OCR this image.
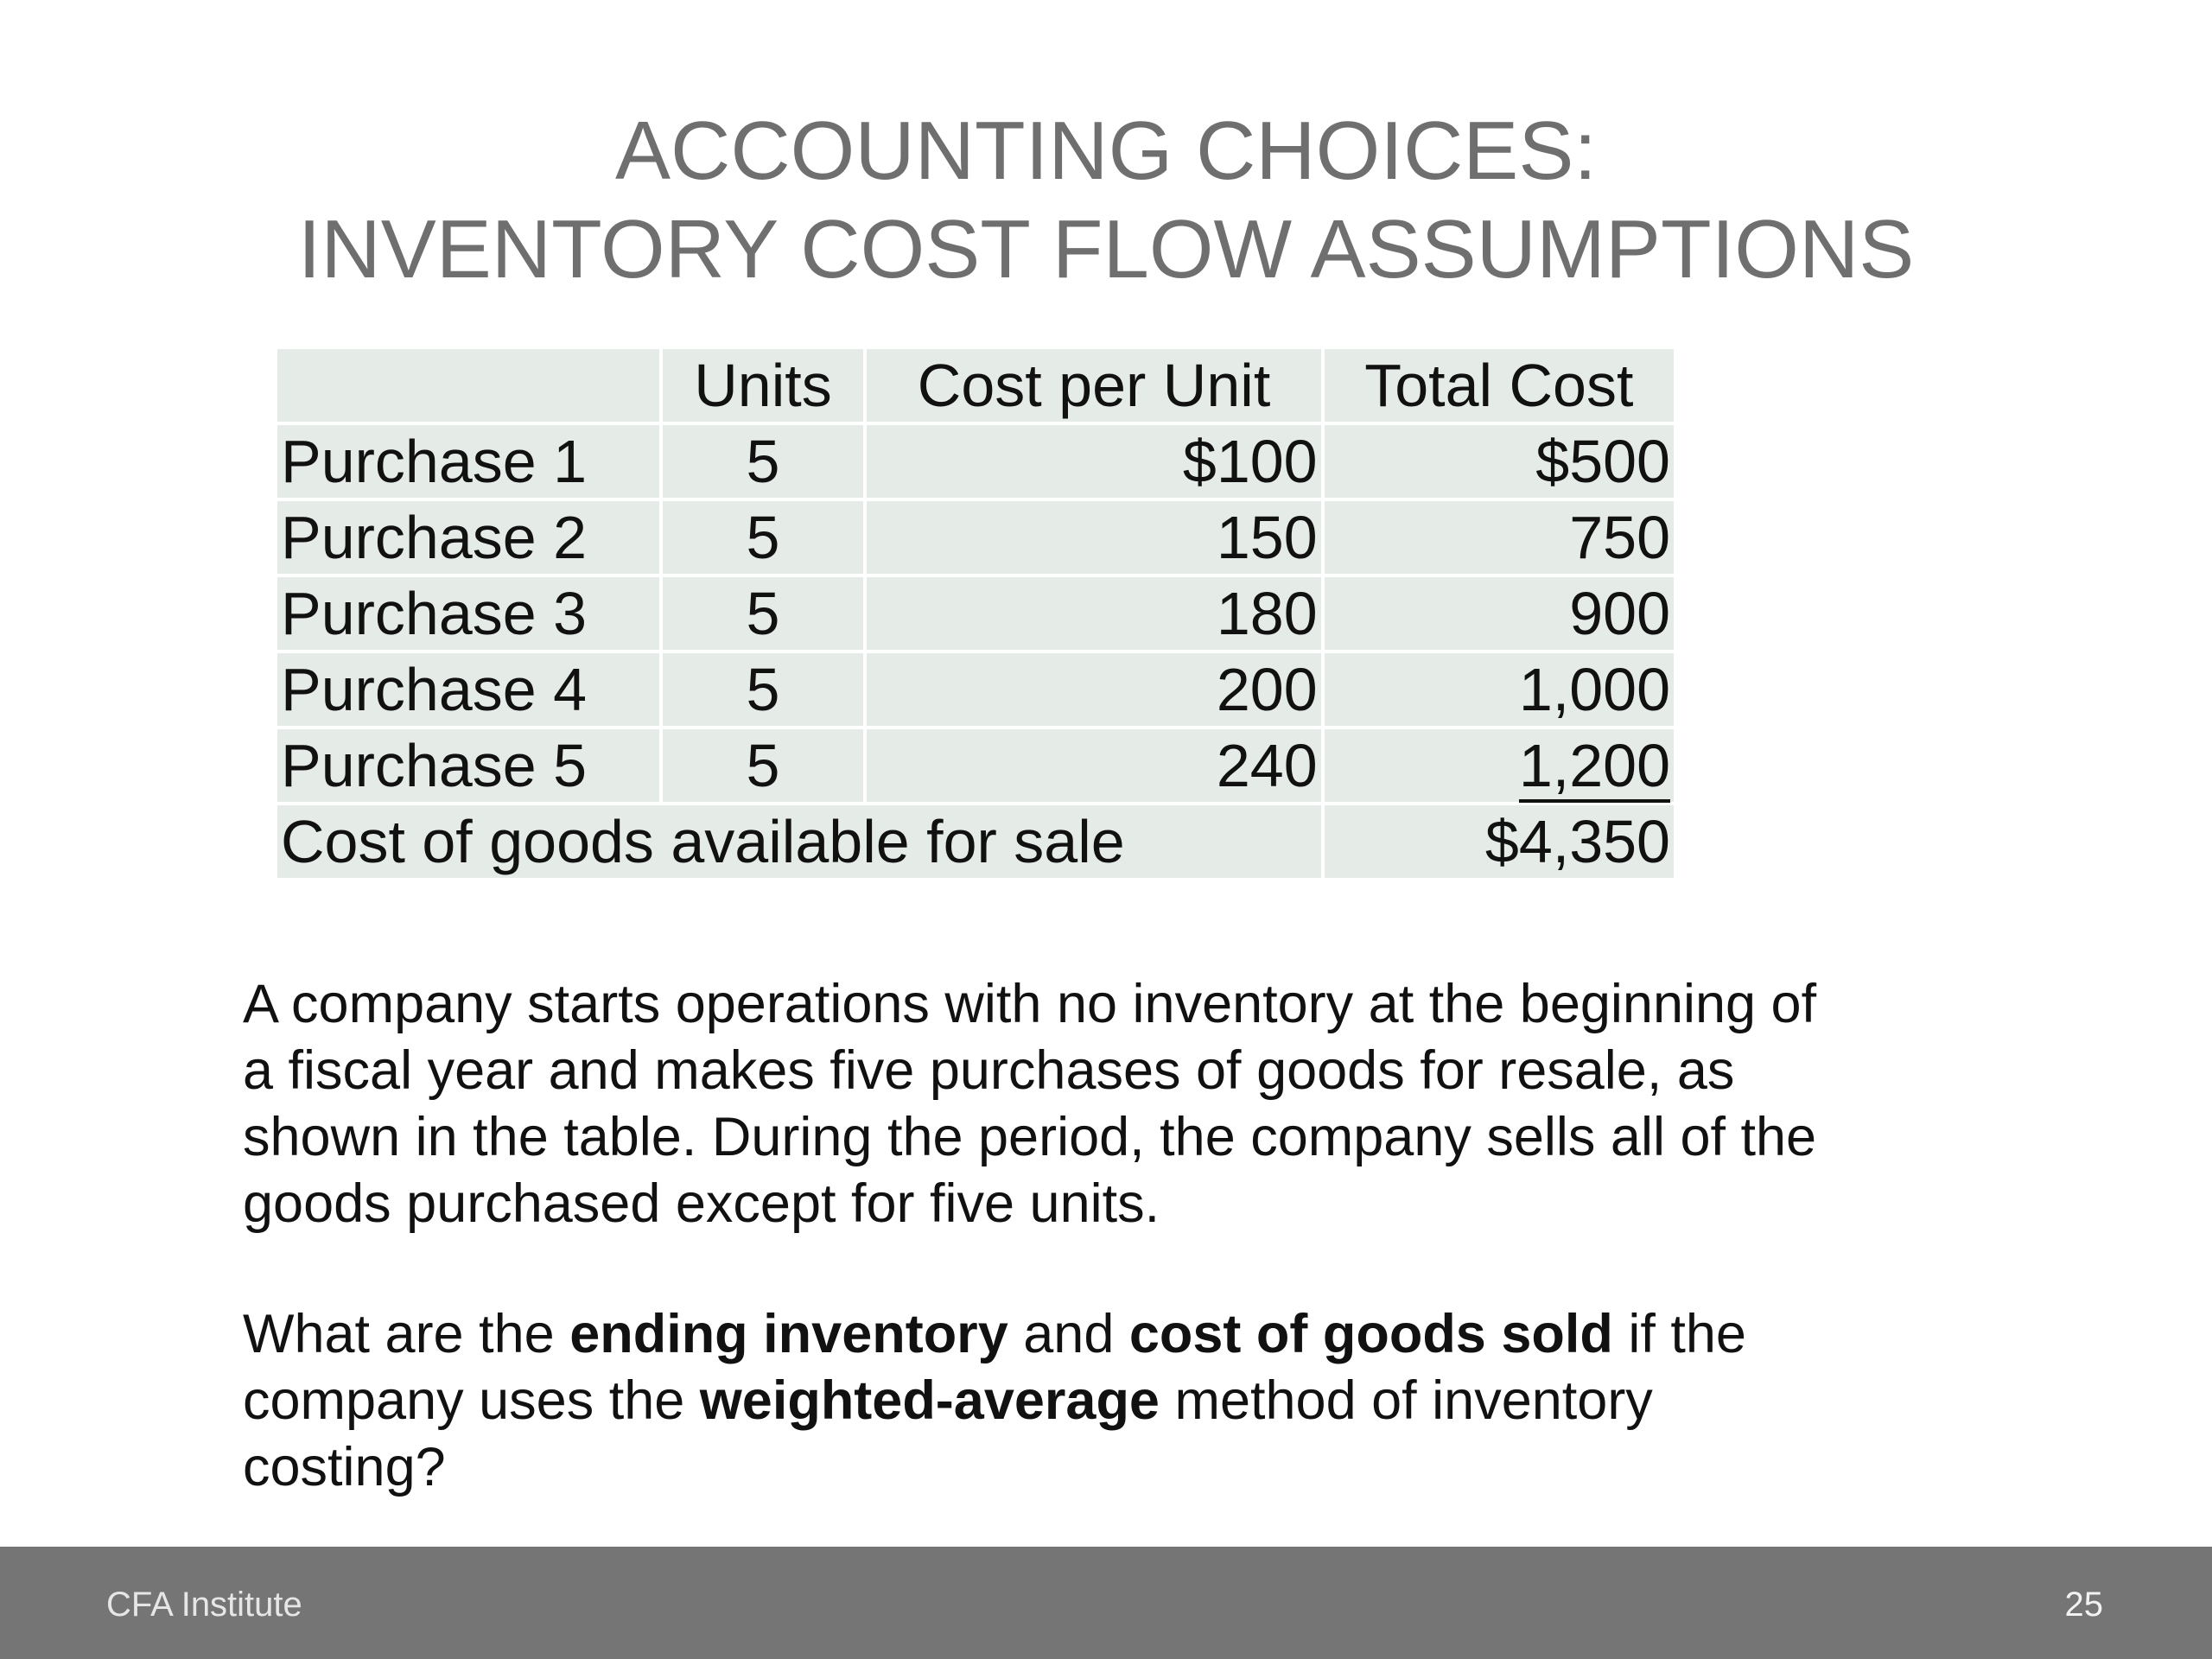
ACCOUNTING CHOICES:
INVENTORY COST FLOW ASSUMPTIONS
	Units	Cost per Unit	Total Cost
Purchase 1	5	$100	$500
Purchase 2	5	150	750
Purchase 3	5	180	900
Purchase 4	5	200	1,000
Purchase 5	5	240	1,200
Cost of goods available for sale			$4,350
A company starts operations with no inventory at the beginning of
a fiscal year and makes five purchases of goods for resale, as
shown in the table. During the period, the company sells all of the
goods purchased except for five units.
What are the ending inventory and cost of goods sold if the
company uses the weighted-average method of inventory
costing?
CFA Institute	25
